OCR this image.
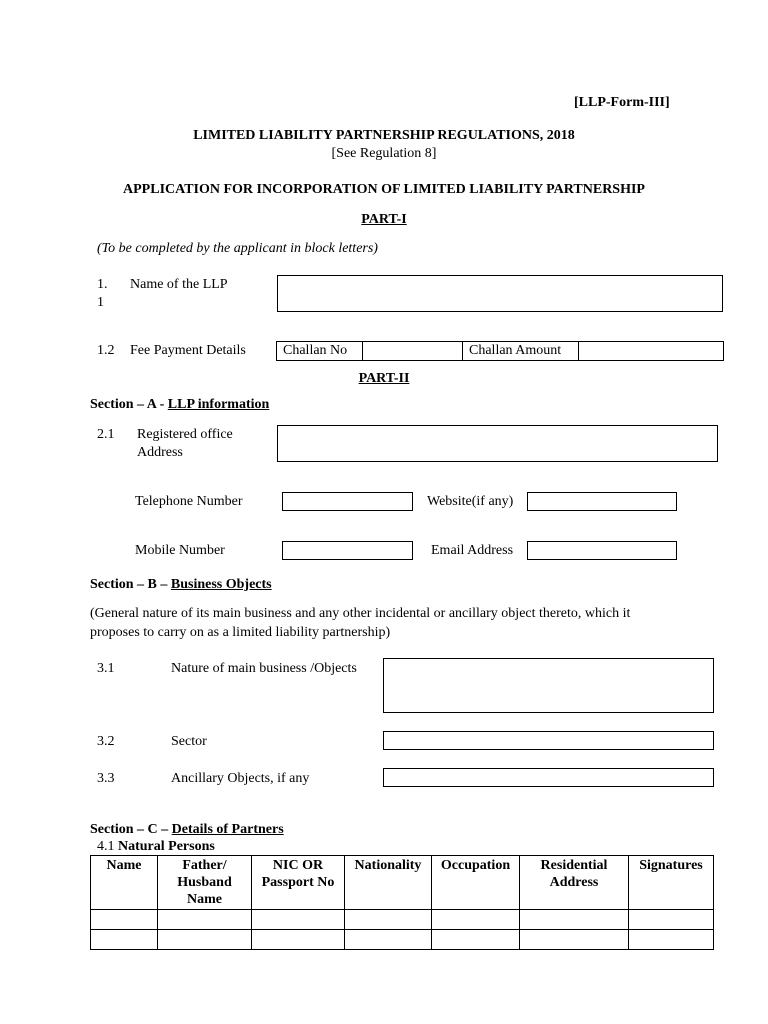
[LLP-Form-III]
LIMITED LIABILITY PARTNERSHIP REGULATIONS, 2018
[See Regulation 8]
APPLICATION FOR INCORPORATION OF LIMITED LIABILITY PARTNERSHIP
PART-I
(To be completed by the applicant in block letters)
1.
1
Name of the LLP
1.2 Fee Payment Details	Challan No		Challan Amount	
PART-II
Section – A - LLP information
2.1 Registered office
Address
Telephone Number	Website(if any)
Mobile Number	Email Address
Section – B – Business Objects
(General nature of its main business and any other incidental or ancillary object thereto, which it
proposes to carry on as a limited liability partnership)
3.1	Nature of main business /Objects
3.2	Sector
3.3	Ancillary Objects, if any
Section – C – Details of Partners
4.1 Natural Persons
Name	Father/ Husband Name	NIC OR Passport No	Nationality	Occupation	Residential Address	Signatures
